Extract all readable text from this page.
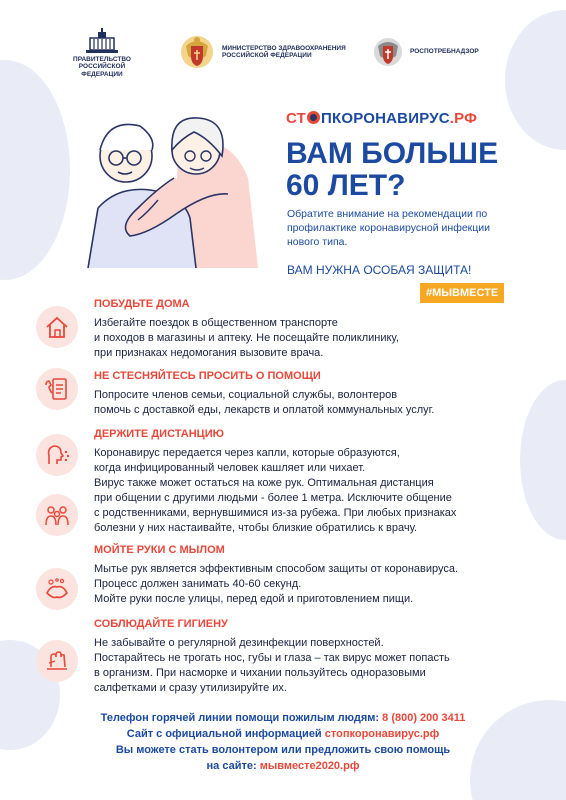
ПРАВИТЕЛЬСТВО РОССИЙСКОЙ ФЕДЕРАЦИИ
МИНИСТЕРСТВО ЗДРАВООХРАНЕНИЯ РОССИЙСКОЙ ФЕДЕРАЦИИ
РОСПОТРЕБНАДЗОР
СТ ПКОРОНАВИРУС.РФ
ВАМ БОЛЬШЕ 60 ЛЕТ?
Обратите внимание на рекомендации по профилактике коронавирусной инфекции нового типа.
ВАМ НУЖНА ОСОБАЯ ЗАЩИТА!
#МЫВМЕСТЕ
ПОБУДЬТЕ ДОМА
Избегайте поездок в общественном транспорте
и походов в магазины и аптеку. Не посещайте поликлинику,
при признаках недомогания вызовите врача.
НЕ СТЕСНЯЙТЕСЬ ПРОСИТЬ О ПОМОЩИ
Попросите членов семьи, социальной службы, волонтеров
помочь с доставкой еды, лекарств и оплатой коммунальных услуг.
ДЕРЖИТЕ ДИСТАНЦИЮ
Коронавирус передается через капли, которые образуются,
когда инфицированный человек кашляет или чихает.
Вирус также может остаться на коже рук. Оптимальная дистанция
при общении с другими людьми - более 1 метра. Исключите общение
с родственниками, вернувшимися из-за рубежа. При любых признаках
болезни у них настаивайте, чтобы близкие обратились к врачу.
МОЙТЕ РУКИ С МЫЛОМ
Мытье рук является эффективным способом защиты от коронавируса.
Процесс должен занимать 40-60 секунд.
Мойте руки после улицы, перед едой и приготовлением пищи.
СОБЛЮДАЙТЕ ГИГИЕНУ
Не забывайте о регулярной дезинфекции поверхностей.
Постарайтесь не трогать нос, губы и глаза – так вирус может попасть
в организм. При насморке и чихании пользуйтесь одноразовыми
салфетками и сразу утилизируйте их.
Телефон горячей линии помощи пожилым людям: 8 (800) 200 3411
Сайт с официальной информацией стопкоронавирус.рф
Вы можете стать волонтером или предложить свою помощь
на сайте: мывместе2020.рф
